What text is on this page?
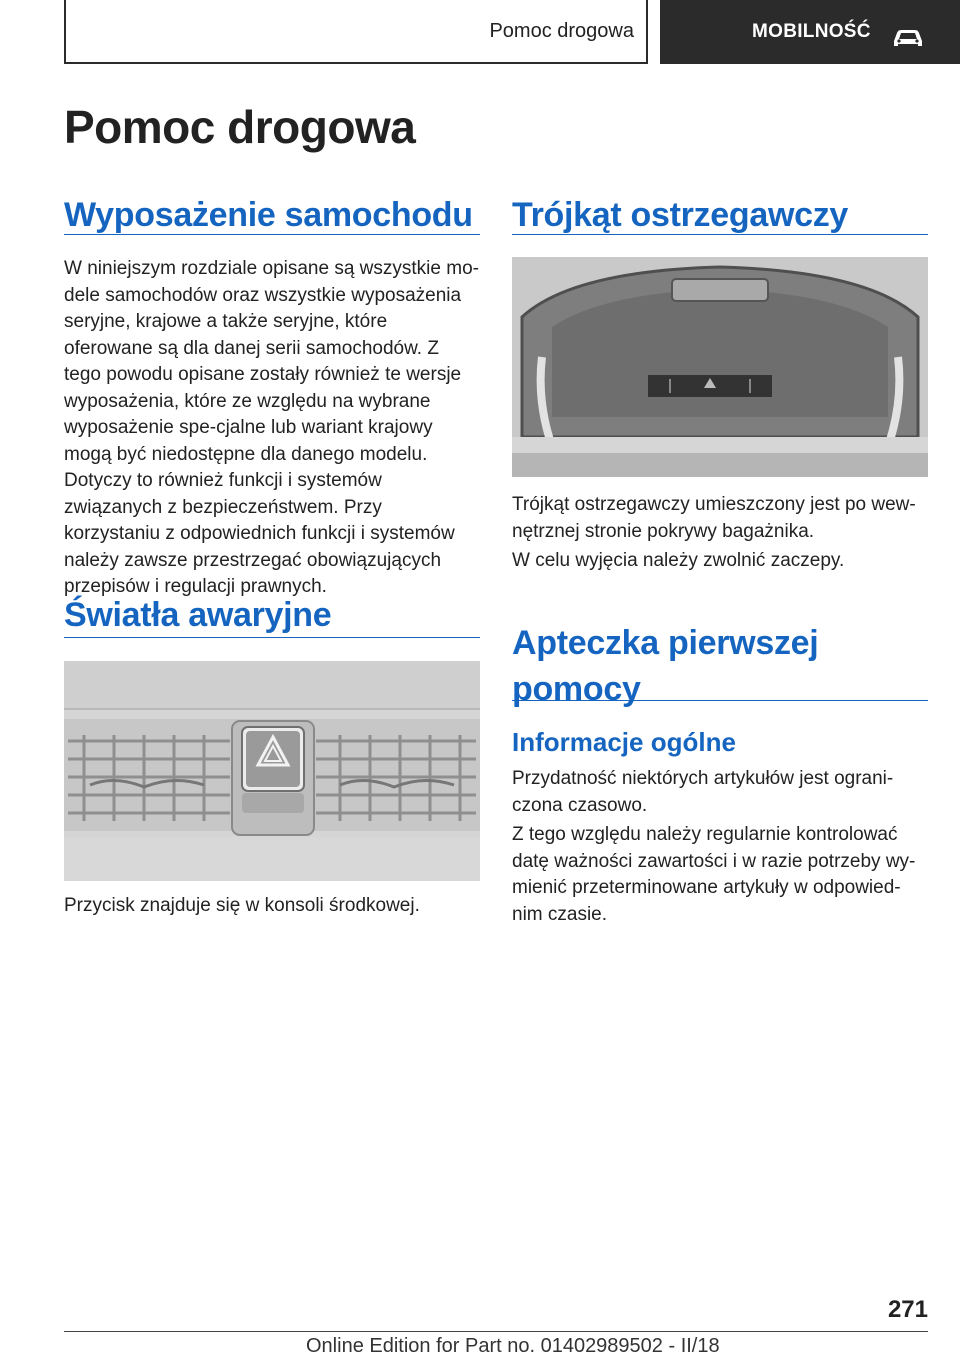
Pomoc drogowa	MOBILNOŚĆ
Pomoc drogowa
Wyposażenie samochodu

W niniejszym rozdziale opisane są wszystkie mo-dele samochodów oraz wszystkie wyposażenia seryjne, krajowe a także seryjne, które oferowane są dla danej serii samochodów. Z tego powodu opisane zostały również te wersje wyposażenia, które ze względu na wybrane wyposażenie spe-cjalne lub wariant krajowy mogą być niedostępne dla danego modelu. Dotyczy to również funkcji i systemów związanych z bezpieczeństwem. Przy korzystaniu z odpowiednich funkcji i systemów należy zawsze przestrzegać obowiązujących przepisów i regulacji prawnych.

Światła awaryjne

Przycisk znajduje się w konsoli środkowej.

Trójkąt ostrzegawczy

Trójkąt ostrzegawczy umieszczony jest po wew-nętrznej stronie pokrywy bagażnika.

W celu wyjęcia należy zwolnić zaczepy.

Apteczka pierwszej pomocy
Informacje ogólne

Przydatność niektórych artykułów jest ograni-czona czasowo.

Z tego względu należy regularnie kontrolować datę ważności zawartości i w razie potrzeby wy-mienić przeterminowane artykuły w odpowied-nim czasie.

271
Online Edition for Part no. 01402989502 - II/18
